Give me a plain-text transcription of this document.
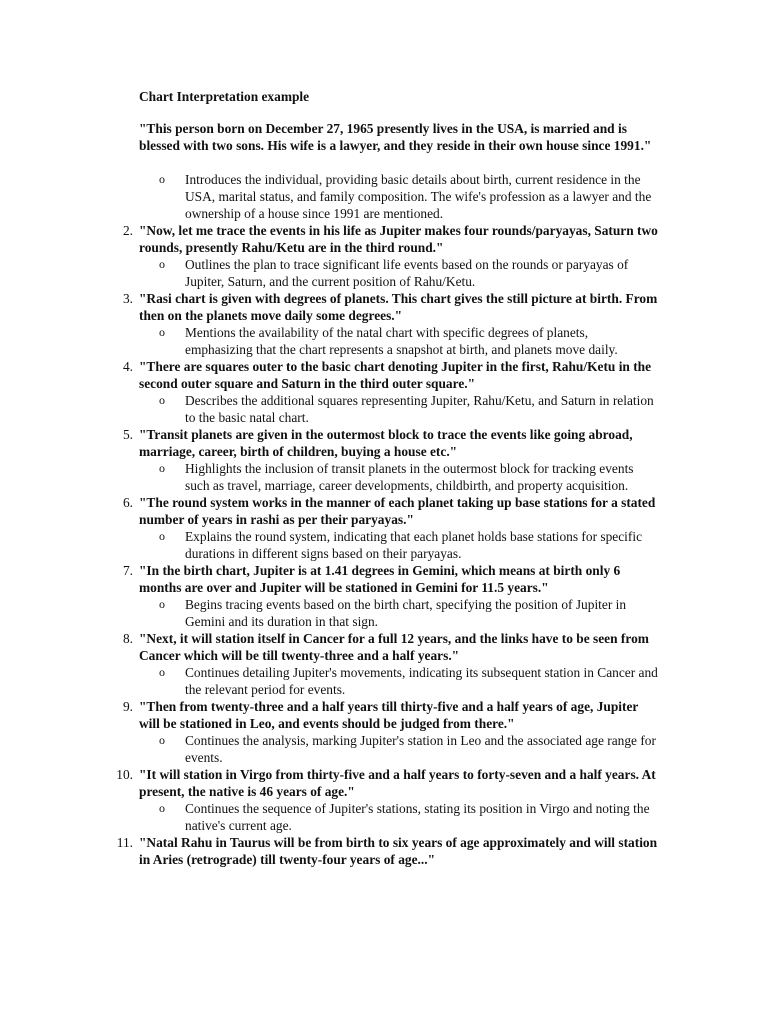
Chart Interpretation example
"This person born on December 27, 1965 presently lives in the USA, is married and is blessed with two sons. His wife is a lawyer, and they reside in their own house since 1991."
o Introduces the individual, providing basic details about birth, current residence in the USA, marital status, and family composition. The wife's profession as a lawyer and the ownership of a house since 1991 are mentioned.
2. "Now, let me trace the events in his life as Jupiter makes four rounds/paryayas, Saturn two rounds, presently Rahu/Ketu are in the third round."
o Outlines the plan to trace significant life events based on the rounds or paryayas of Jupiter, Saturn, and the current position of Rahu/Ketu.
3. "Rasi chart is given with degrees of planets. This chart gives the still picture at birth. From then on the planets move daily some degrees."
o Mentions the availability of the natal chart with specific degrees of planets, emphasizing that the chart represents a snapshot at birth, and planets move daily.
4. "There are squares outer to the basic chart denoting Jupiter in the first, Rahu/Ketu in the second outer square and Saturn in the third outer square."
o Describes the additional squares representing Jupiter, Rahu/Ketu, and Saturn in relation to the basic natal chart.
5. "Transit planets are given in the outermost block to trace the events like going abroad, marriage, career, birth of children, buying a house etc."
o Highlights the inclusion of transit planets in the outermost block for tracking events such as travel, marriage, career developments, childbirth, and property acquisition.
6. "The round system works in the manner of each planet taking up base stations for a stated number of years in rashi as per their paryayas."
o Explains the round system, indicating that each planet holds base stations for specific durations in different signs based on their paryayas.
7. "In the birth chart, Jupiter is at 1.41 degrees in Gemini, which means at birth only 6 months are over and Jupiter will be stationed in Gemini for 11.5 years."
o Begins tracing events based on the birth chart, specifying the position of Jupiter in Gemini and its duration in that sign.
8. "Next, it will station itself in Cancer for a full 12 years, and the links have to be seen from Cancer which will be till twenty-three and a half years."
o Continues detailing Jupiter's movements, indicating its subsequent station in Cancer and the relevant period for events.
9. "Then from twenty-three and a half years till thirty-five and a half years of age, Jupiter will be stationed in Leo, and events should be judged from there."
o Continues the analysis, marking Jupiter's station in Leo and the associated age range for events.
10. "It will station in Virgo from thirty-five and a half years to forty-seven and a half years. At present, the native is 46 years of age."
o Continues the sequence of Jupiter's stations, stating its position in Virgo and noting the native's current age.
11. "Natal Rahu in Taurus will be from birth to six years of age approximately and will station in Aries (retrograde) till twenty-four years of age..."
